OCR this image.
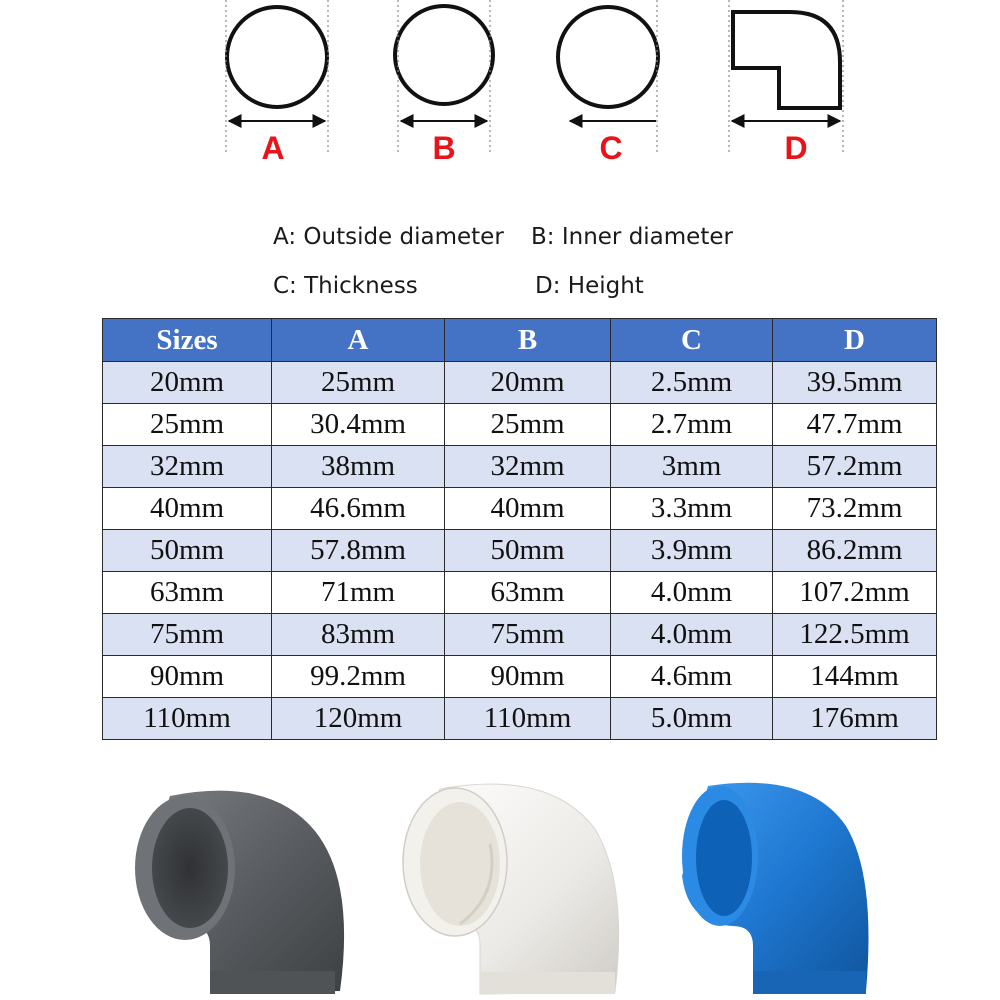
A	B	C	D
A: Outside diameter B: Inner diameter
C: Thickness	D: Height
Sizes	A	B	C	D
20mm	25mm	20mm	2.5mm	39.5mm
25mm	30.4mm	25mm	2.7mm	47.7mm
32mm	38mm	32mm	3mm	57.2mm
40mm	46.6mm	40mm	3.3mm	73.2mm
50mm	57.8mm	50mm	3.9mm	86.2mm
63mm	71mm	63mm	4.0mm	107.2mm
75mm	83mm	75mm	4.0mm	122.5mm
90mm	99.2mm	90mm	4.6mm	144mm
110mm	120mm	110mm	5.0mm	176mm
